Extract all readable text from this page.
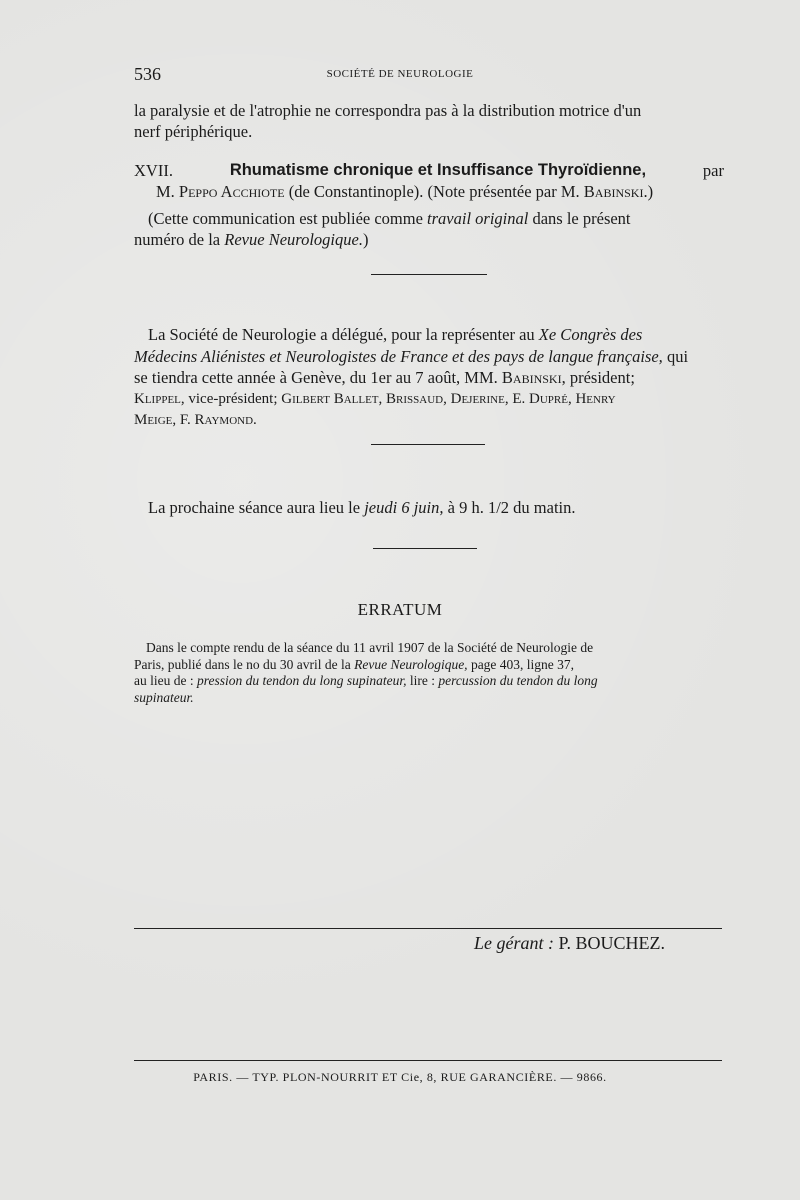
536	SOCIÉTÉ DE NEUROLOGIE
la paralysie et de l'atrophie ne correspondra pas à la distribution motrice d'un
nerf périphérique.
XVII.	Rhumatisme chronique et Insuffisance Thyroïdienne,	par
M. Peppo Acchiote (de Constantinople). (Note présentée par M. Babinski.)
(Cette communication est publiée comme travail original dans le présent
numéro de la Revue Neurologique.)
La Société de Neurologie a délégué, pour la représenter au Xe Congrès des
Médecins Aliénistes et Neurologistes de France et des pays de langue française, qui
se tiendra cette année à Genève, du 1er au 7 août, MM. Babinski, président;
Klippel, vice-président; Gilbert Ballet, Brissaud, Dejerine, E. Dupré, Henry
Meige, F. Raymond.
La prochaine séance aura lieu le jeudi 6 juin, à 9 h. 1/2 du matin.
ERRATUM
Dans le compte rendu de la séance du 11 avril 1907 de la Société de Neurologie de
Paris, publié dans le no du 30 avril de la Revue Neurologique, page 403, ligne 37,
au lieu de : pression du tendon du long supinateur, lire : percussion du tendon du long
supinateur.
Le gérant : P. BOUCHEZ.
PARIS. — TYP. PLON-NOURRIT ET Cie, 8, RUE GARANCIÈRE. — 9866.
